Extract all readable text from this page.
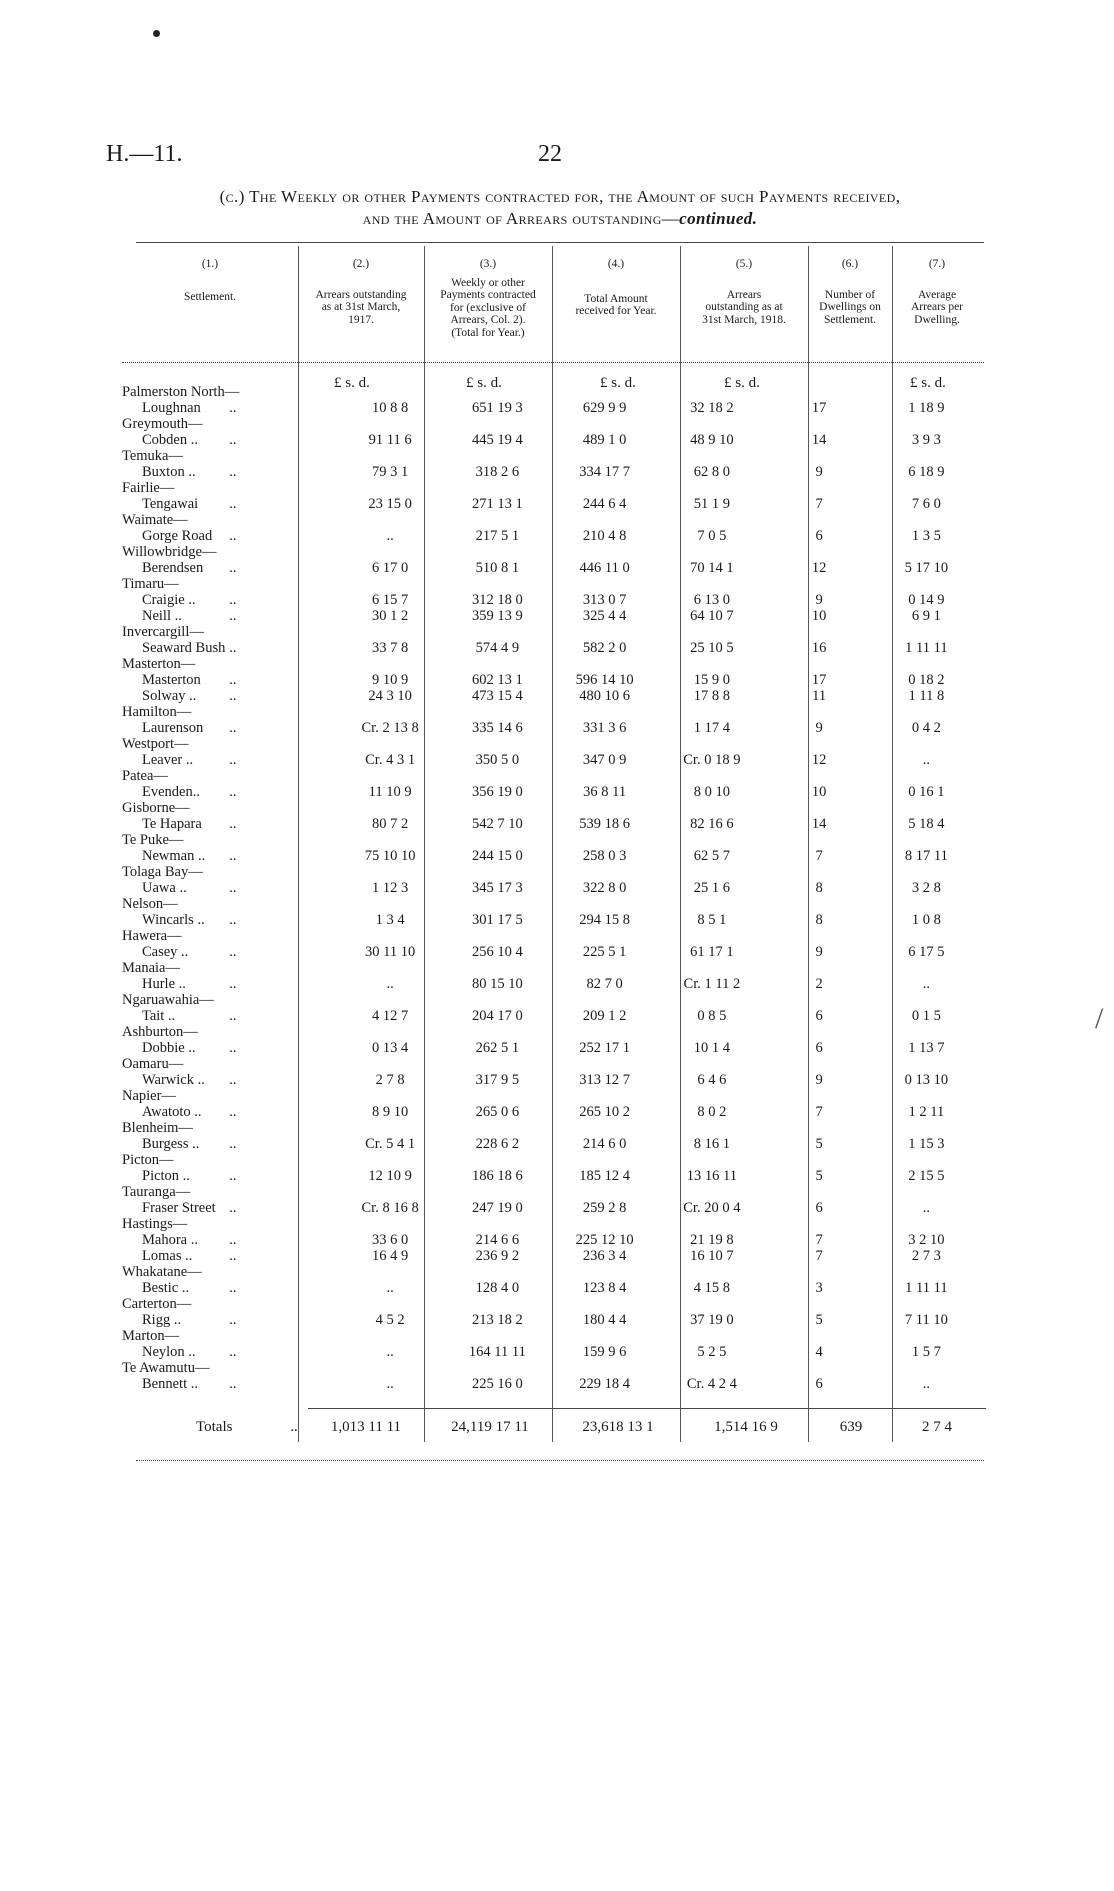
/
H.—11.	22
(c.) The Weekly or other Payments contracted for, the Amount of such Payments received,
and the Amount of Arrears outstanding—continued.
(1.)
Settlement.
(2.)
Arrears outstanding as at 31st March, 1917.
(3.)
Weekly or other Payments contracted for (exclusive of Arrears, Col. 2). (Total for Year.)
(4.)
Total Amount received for Year.
(5.)
Arrears outstanding as at 31st March, 1918.
(6.)
Number of Dwellings on Settlement.
(7.)
Average Arrears per Dwelling.
£ s. d.	£ s. d.	£ s. d.	£ s. d.	£ s. d.
Palmerston North—							
Loughnan	..	10 8 8	651 19 3	629 9 9	32 18 2	17	1 18 9
Greymouth—							
Cobden ..	..	91 11 6	445 19 4	489 1 0	48 9 10	14	3 9 3
Temuka—							
Buxton ..	..	79 3 1	318 2 6	334 17 7	62 8 0	9	6 18 9
Fairlie—							
Tengawai	..	23 15 0	271 13 1	244 6 4	51 1 9	7	7 6 0
Waimate—							
Gorge Road	..	..	217 5 1	210 4 8	7 0 5	6	1 3 5
Willowbridge—							
Berendsen	..	6 17 0	510 8 1	446 11 0	70 14 1	12	5 17 10
Timaru—							
Craigie ..	..	6 15 7	312 18 0	313 0 7	6 13 0	9	0 14 9
Neill ..	..	30 1 2	359 13 9	325 4 4	64 10 7	10	6 9 1
Invercargill—							
Seaward Bush	..	33 7 8	574 4 9	582 2 0	25 10 5	16	1 11 11
Masterton—							
Masterton	..	9 10 9	602 13 1	596 14 10	15 9 0	17	0 18 2
Solway ..	..	24 3 10	473 15 4	480 10 6	17 8 8	11	1 11 8
Hamilton—							
Laurenson	..	Cr. 2 13 8	335 14 6	331 3 6	1 17 4	9	0 4 2
Westport—							
Leaver ..	..	Cr. 4 3 1	350 5 0	347 0 9	Cr. 0 18 9	12	..
Patea—							
Evenden..	..	11 10 9	356 19 0	36 8 11	8 0 10	10	0 16 1
Gisborne—							
Te Hapara	..	80 7 2	542 7 10	539 18 6	82 16 6	14	5 18 4
Te Puke—							
Newman ..	..	75 10 10	244 15 0	258 0 3	62 5 7	7	8 17 11
Tolaga Bay—							
Uawa ..	..	1 12 3	345 17 3	322 8 0	25 1 6	8	3 2 8
Nelson—							
Wincarls ..	..	1 3 4	301 17 5	294 15 8	8 5 1	8	1 0 8
Hawera—							
Casey ..	..	30 11 10	256 10 4	225 5 1	61 17 1	9	6 17 5
Manaia—							
Hurle ..	..	..	80 15 10	82 7 0	Cr. 1 11 2	2	..
Ngaruawahia—							
Tait ..	..	4 12 7	204 17 0	209 1 2	0 8 5	6	0 1 5
Ashburton—							
Dobbie ..	..	0 13 4	262 5 1	252 17 1	10 1 4	6	1 13 7
Oamaru—							
Warwick ..	..	2 7 8	317 9 5	313 12 7	6 4 6	9	0 13 10
Napier—							
Awatoto ..	..	8 9 10	265 0 6	265 10 2	8 0 2	7	1 2 11
Blenheim—							
Burgess ..	..	Cr. 5 4 1	228 6 2	214 6 0	8 16 1	5	1 15 3
Picton—							
Picton ..	..	12 10 9	186 18 6	185 12 4	13 16 11	5	2 15 5
Tauranga—							
Fraser Street	..	Cr. 8 16 8	247 19 0	259 2 8	Cr. 20 0 4	6	..
Hastings—							
Mahora ..	..	33 6 0	214 6 6	225 12 10	21 19 8	7	3 2 10
Lomas ..	..	16 4 9	236 9 2	236 3 4	16 10 7	7	2 7 3
Whakatane—							
Bestic ..	..	..	128 4 0	123 8 4	4 15 8	3	1 11 11
Carterton—							
Rigg ..	..	4 5 2	213 18 2	180 4 4	37 19 0	5	7 11 10
Marton—							
Neylon ..	..	..	164 11 11	159 9 6	5 2 5	4	1 5 7
Te Awamutu—							
Bennett ..	..	..	225 16 0	229 18 4	Cr. 4 2 4	6	..
Totals	..	1,013 11 11	24,119 17 11	23,618 13 1	1,514 16 9	639	2 7 4
